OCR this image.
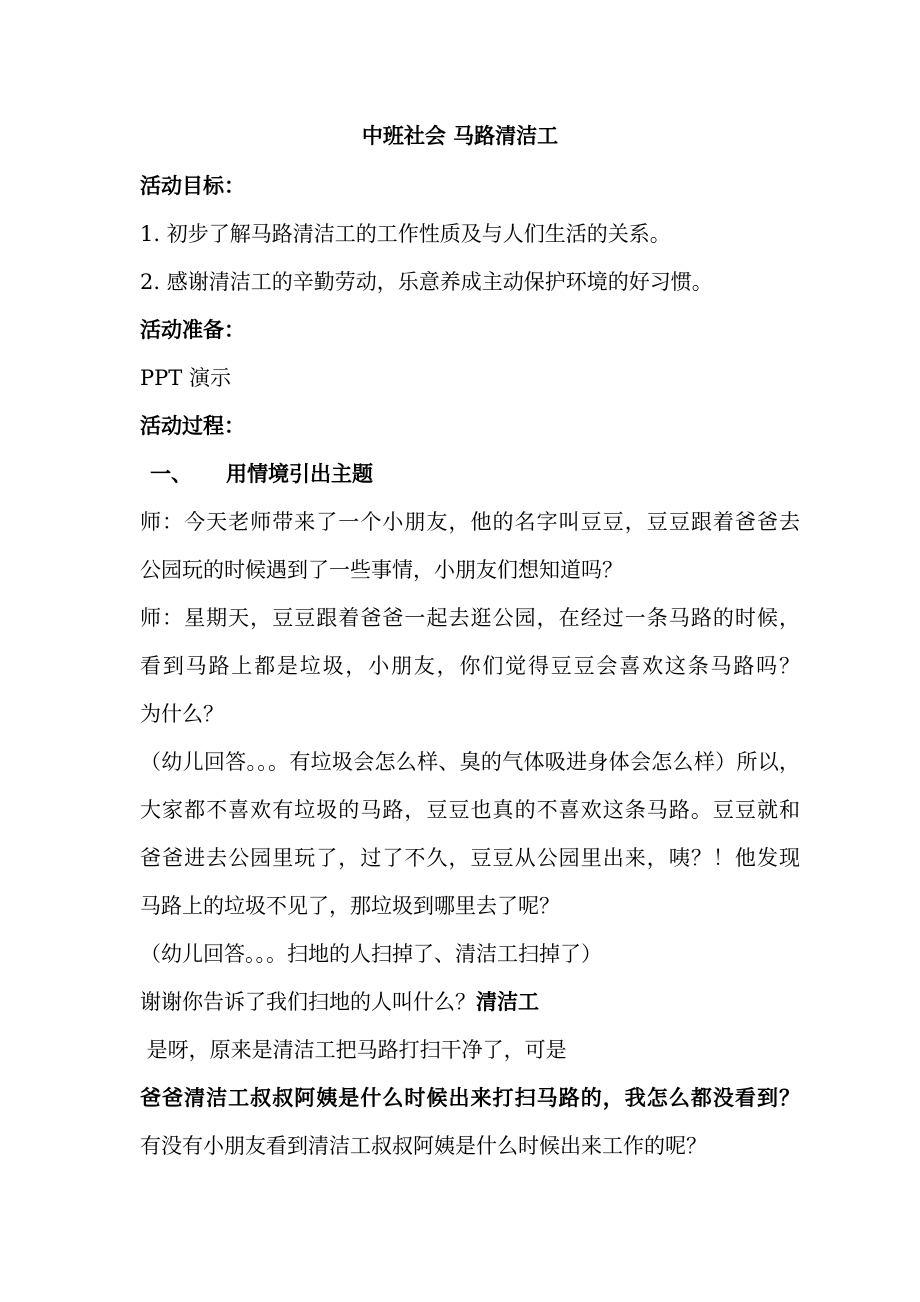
中班社会 马路清洁工
活动目标：
1. 初步了解马路清洁工的工作性质及与人们生活的关系。
2. 感谢清洁工的辛勤劳动，乐意养成主动保护环境的好习惯。
活动准备：
PPT 演示
活动过程：
一、 用情境引出主题
师：今天老师带来了一个小朋友，他的名字叫豆豆，豆豆跟着爸爸去
公园玩的时候遇到了一些事情，小朋友们想知道吗？
师：星期天，豆豆跟着爸爸一起去逛公园，在经过一条马路的时候，
看到马路上都是垃圾，小朋友，你们觉得豆豆会喜欢这条马路吗？
为什么？
（幼儿回答。。。有垃圾会怎么样、臭的气体吸进身体会怎么样）所以，
大家都不喜欢有垃圾的马路，豆豆也真的不喜欢这条马路。豆豆就和
爸爸进去公园里玩了，过了不久，豆豆从公园里出来，咦？！他发现
马路上的垃圾不见了，那垃圾到哪里去了呢？
（幼儿回答。。。扫地的人扫掉了、清洁工扫掉了）
谢谢你告诉了我们扫地的人叫什么？清洁工
是呀，原来是清洁工把马路打扫干净了，可是
爸爸清洁工叔叔阿姨是什么时候出来打扫马路的，我怎么都没看到？
有没有小朋友看到清洁工叔叔阿姨是什么时候出来工作的呢？
